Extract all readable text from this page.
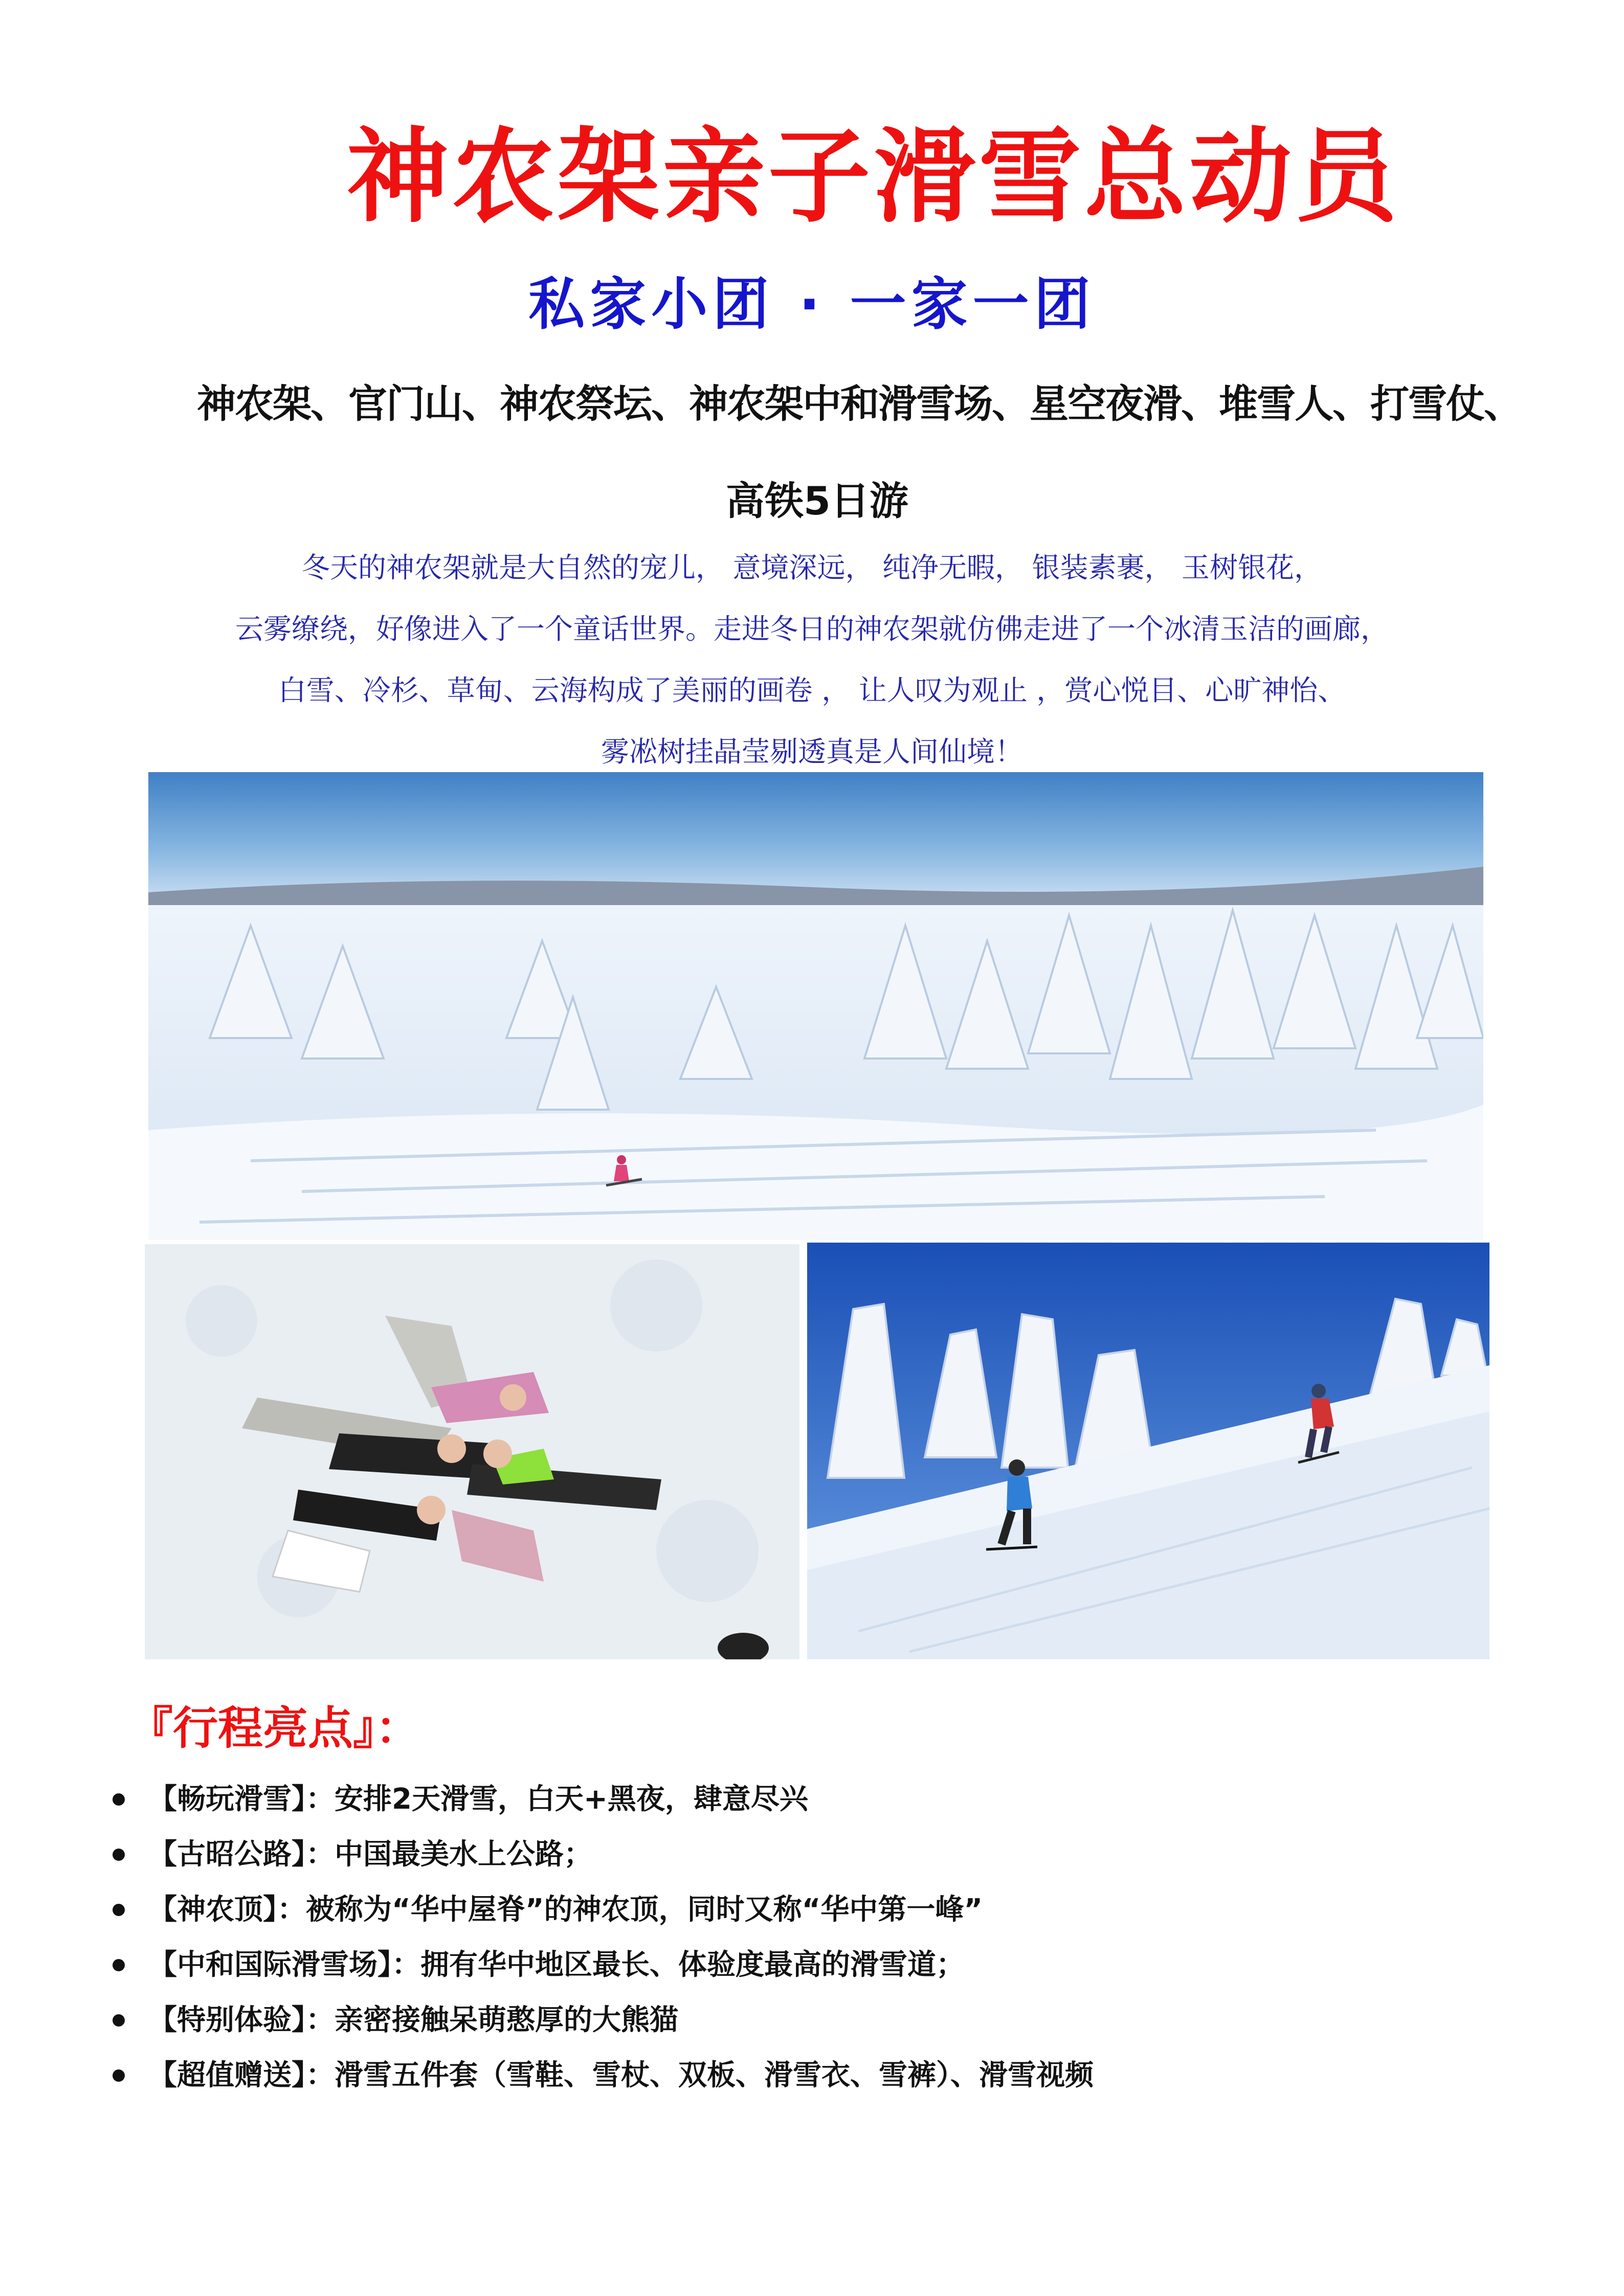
神农架亲子滑雪总动员
私家小团 · 一家一团
神农架、官门山、神农祭坛、神农架中和滑雪场、星空夜滑、堆雪人、打雪仗、
高铁5日游
冬天的神农架就是大自然的宠儿， 意境深远， 纯净无暇， 银装素裹， 玉树银花，
云雾缭绕，好像进入了一个童话世界。走进冬日的神农架就仿佛走进了一个冰清玉洁的画廊，
白雪、冷杉、草甸、云海构成了美丽的画卷 ， 让人叹为观止 ，赏心悦目、心旷神怡、
雾凇树挂晶莹剔透真是人间仙境！
『行程亮点』：
【畅玩滑雪】：安排2天滑雪，白天+黑夜，肆意尽兴
【古昭公路】：中国最美水上公路；
【神农顶】：被称为“华中屋脊”的神农顶，同时又称“华中第一峰”
【中和国际滑雪场】：拥有华中地区最长、体验度最高的滑雪道；
【特别体验】：亲密接触呆萌憨厚的大熊猫
【超值赠送】：滑雪五件套（雪鞋、雪杖、双板、滑雪衣、雪裤）、滑雪视频
